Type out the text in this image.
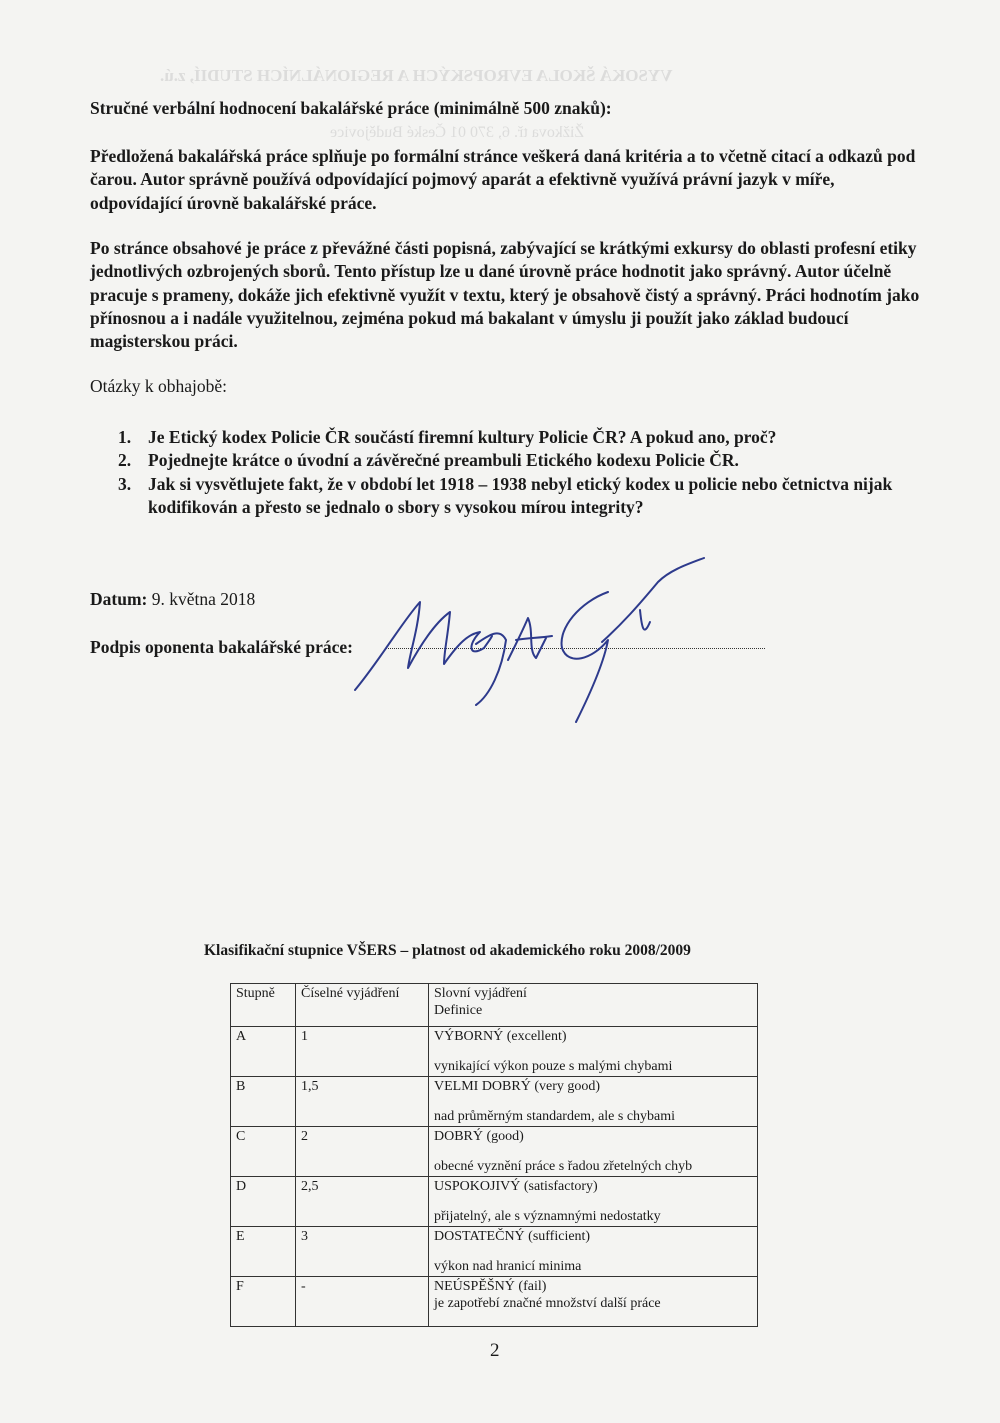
VYSOKÁ ŠKOLA EVROPSKÝCH A REGIONÁLNÍCH STUDIÍ, z.ú.
Žižkova tř. 6, 370 01 České Budějovice
Stručné verbální hodnocení bakalářské práce (minimálně 500 znaků):

Předložená bakalářská práce splňuje po formální stránce veškerá daná kritéria a to včetně citací a odkazů pod čarou. Autor správně používá odpovídající pojmový aparát a efektivně využívá právní jazyk v míře, odpovídající úrovně bakalářské práce.

Po stránce obsahové je práce z převážné části popisná, zabývající se krátkými exkursy do oblasti profesní etiky jednotlivých ozbrojených sborů. Tento přístup lze u dané úrovně práce hodnotit jako správný. Autor účelně pracuje s prameny, dokáže jich efektivně využít v textu, který je obsahově čistý a správný. Práci hodnotím jako přínosnou a i nadále využitelnou, zejména pokud má bakalant v úmyslu ji použít jako základ budoucí magisterskou práci.

Otázky k obhajobě:
1. Je Etický kodex Policie ČR součástí firemní kultury Policie ČR? A pokud ano, proč?
2. Pojednejte krátce o úvodní a závěrečné preambuli Etického kodexu Policie ČR.
3. Jak si vysvětlujete fakt, že v období let 1918 – 1938 nebyl etický kodex u policie nebo četnictva nijak kodifikován a přesto se jednalo o sbory s vysokou mírou integrity?
Datum: 9. května 2018
Podpis oponenta bakalářské práce:
Klasifikační stupnice VŠERS – platnost od akademického roku 2008/2009
Stupně	Číselné vyjádření	Slovní vyjádření
Definice
A	1	VÝBORNÝ (excellent)
vynikající výkon pouze s malými chybami

B	1,5	VELMI DOBRÝ (very good)
nad průměrným standardem, ale s chybami

C	2	DOBRÝ (good)
obecné vyznění práce s řadou zřetelných chyb

D	2,5	USPOKOJIVÝ (satisfactory)
přijatelný, ale s významnými nedostatky

E	3	DOSTATEČNÝ (sufficient)
výkon nad hranicí minima

F	-	NEÚSPĚŠNÝ (fail)
je zapotřebí značné množství další práce
2
